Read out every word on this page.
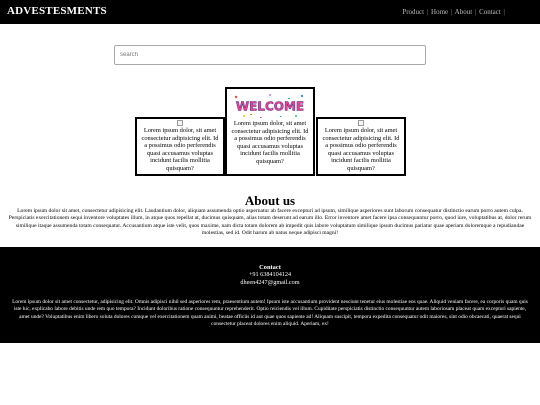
ADVESTESMENTS	Product | Home | About | Contact |
search
Lorem ipsum dolor, sit amet consectetur adipisicing elit. Id a possimus odio perferendis quasi accusamus voluptas incidunt facilis mollitia quisquam?
WELCOME
Lorem ipsum dolor, sit amet consectetur adipisicing elit. Id a possimus odio perferendis quasi accusamus voluptas incidunt facilis mollitia quisquam?
Lorem ipsum dolor, sit amet consectetur adipisicing elit. Id a possimus odio perferendis quasi accusamus voluptas incidunt facilis mollitia quisquam?
About us
Lorem ipsum dolor sit amet, consectetur adipisicing elit. Laudantium dolor, aliquam assumenda optio aspernatur ab facere excepturi ad ipsum, similique asperiores sunt laborum consequatur distinctio earum porro autem culpa. Perspiciatis exercitationem sequi inventore voluptates illum, in atque quos repellat at, ducimus quisquam, alias totam deserunt ad earum illo. Error inventore amet facere ipsa consequuntur porro, quod iure, voluptatibus at, dolor rerum similique itaque assumenda totam consequatur. Accusantium atque iste velit, quos maxime, nam dicta totam dolorem ab impedit quis labore voluptatum similique ipsum ducimus pariatur quae aperiam doloremque a repudiandae molestias, sed id. Odit harum ab natus neque adipisci magni!
Contact
+91 6384104124
dheen4247@gmail.com
Lorem ipsum dolor sit amet consectetur, adipisicing elit. Omnis adipisci nihil sed asperiores rem, praesentium autem! Ipsum iste accusantium provident nesciunt tenetur eius molestiae eos quae. Aliquid veniam facere, ea corporis quam quis iste hic, explicabo labore debitis unde rem quo tempora? Incidunt doloribus ratione consequuntur reprehenderit. Optio reiciendis vel illum. Cupiditate perspiciatis distinctio consequuntur autem laboriosam placeat quam excepturi sapiente, amet unde? Voluptatibus enim libero soluta dolores cumque vel exercitationem quam animi, beatae officiis id aut quae quos sapiente ad! Aliquam suscipit, tempora expedita consequatur odit maiores, sint odio obcaecati, quaerat sequi consectetur placeat dolores enim aliquid. Aperiam, ex!
